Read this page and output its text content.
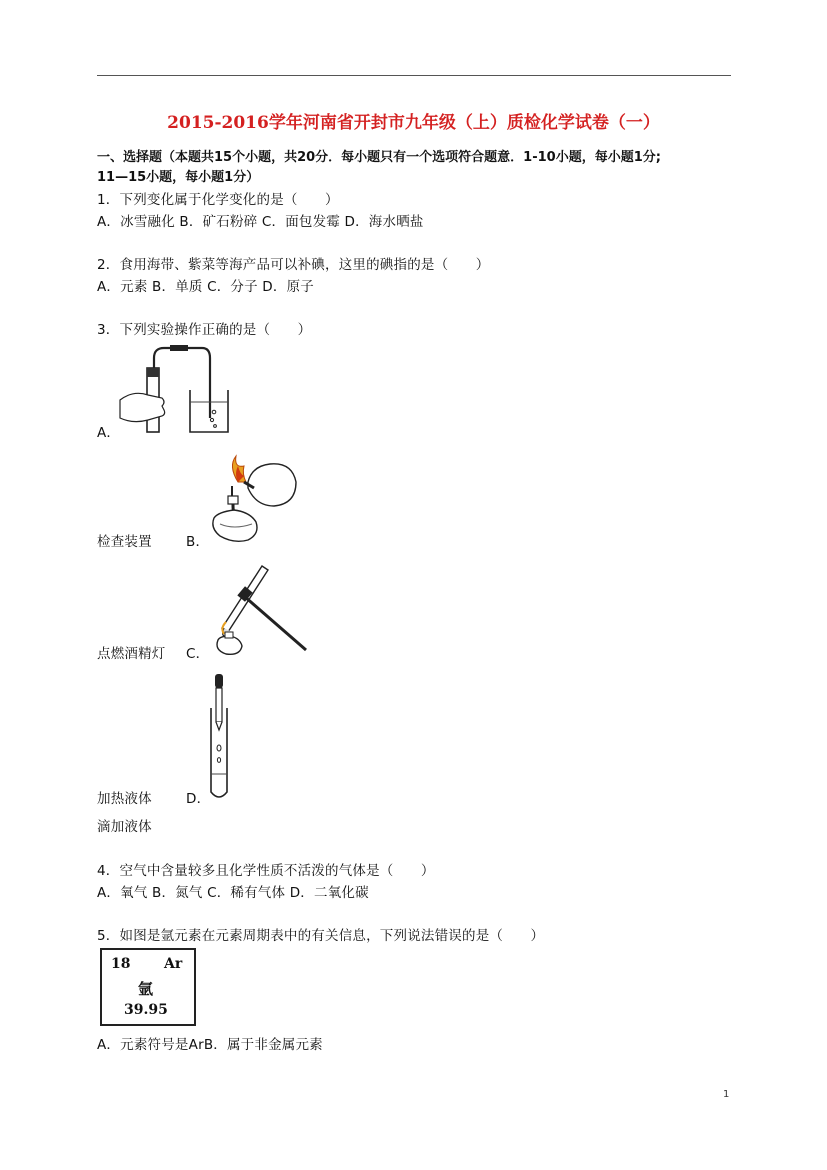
2015-2016学年河南省开封市九年级（上）质检化学试卷（一）
一、选择题（本题共15个小题，共20分．每小题只有一个选项符合题意．1-10小题，每小题1分;
11—15小题，每小题1分）
1．下列变化属于化学变化的是（　　）
A．冰雪融化 B．矿石粉碎 C．面包发霉 D．海水晒盐
2．食用海带、紫菜等海产品可以补碘，这里的碘指的是（　　）
A．元素 B．单质 C．分子 D．原子
3．下列实验操作正确的是（　　）
A．
检查装置	B．
点燃酒精灯 C．
加热液体	D．
滴加液体
4．空气中含量较多且化学性质不活泼的气体是（　　）
A．氧气 B．氮气 C．稀有气体 D．二氧化碳
5．如图是氩元素在元素周期表中的有关信息，下列说法错误的是（　　）
18 Ar
氩
39.95
A．元素符号是ArB．属于非金属元素
1
